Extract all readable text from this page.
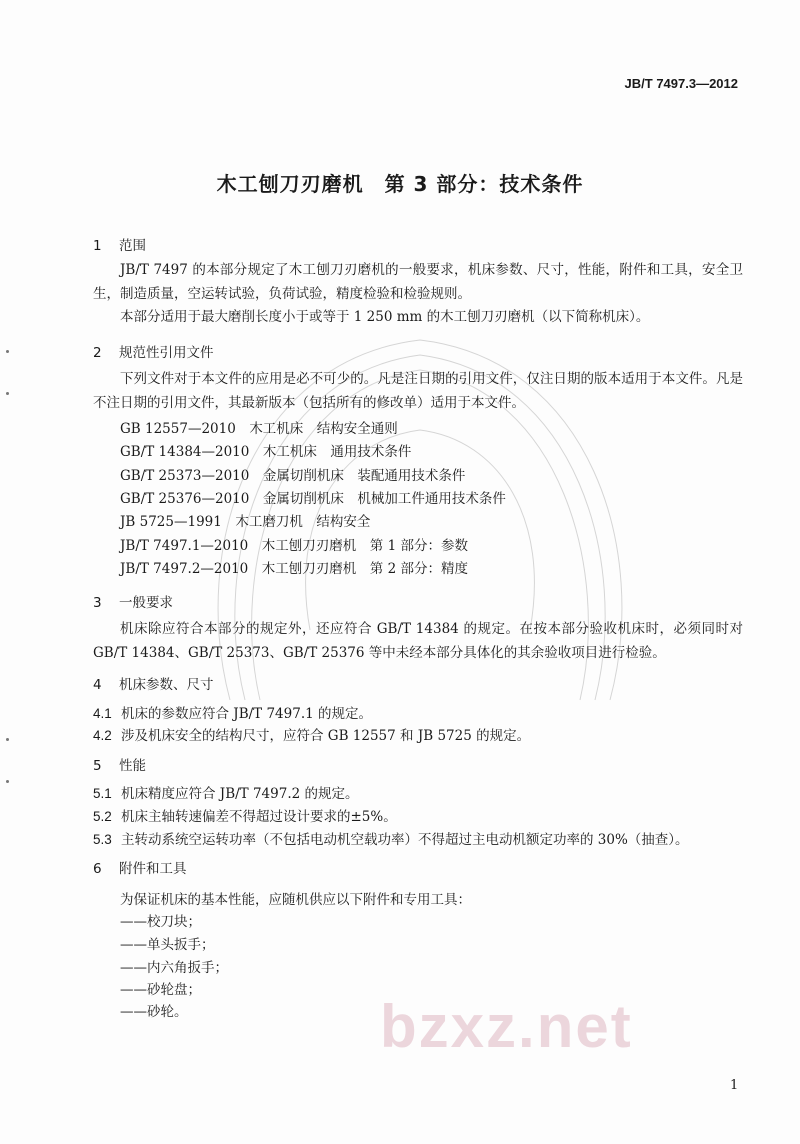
JB/T 7497.3—2012
木工刨刀刃磨机　第 3 部分：技术条件
1 范围
JB/T 7497 的本部分规定了木工刨刀刃磨机的一般要求，机床参数、尺寸，性能，附件和工具，安全卫生，制造质量，空运转试验，负荷试验，精度检验和检验规则。
本部分适用于最大磨削长度小于或等于 1 250 mm 的木工刨刀刃磨机（以下简称机床）。
2 规范性引用文件
下列文件对于本文件的应用是必不可少的。凡是注日期的引用文件，仅注日期的版本适用于本文件。凡是不注日期的引用文件，其最新版本（包括所有的修改单）适用于本文件。
GB 12557—2010　 木工机床　结构安全通则
GB/T 14384—2010　 木工机床　通用技术条件
GB/T 25373—2010　 金属切削机床　装配通用技术条件
GB/T 25376—2010　 金属切削机床　机械加工件通用技术条件
JB 5725—1991　 木工磨刀机　结构安全
JB/T 7497.1—2010　 木工刨刀刃磨机　第 1 部分：参数
JB/T 7497.2—2010　 木工刨刀刃磨机　第 2 部分：精度
3 一般要求
机床除应符合本部分的规定外，还应符合 GB/T 14384 的规定。在按本部分验收机床时，必须同时对 GB/T 14384、GB/T 25373、GB/T 25376 等中未经本部分具体化的其余验收项目进行检验。
4 机床参数、尺寸
4.1 机床的参数应符合 JB/T 7497.1 的规定。
4.2 涉及机床安全的结构尺寸，应符合 GB 12557 和 JB 5725 的规定。
5 性能
5.1 机床精度应符合 JB/T 7497.2 的规定。
5.2 机床主轴转速偏差不得超过设计要求的±5%。
5.3 主转动系统空运转功率（不包括电动机空载功率）不得超过主电动机额定功率的 30%（抽查）。
6 附件和工具
为保证机床的基本性能，应随机供应以下附件和专用工具：
——校刀块；
——单头扳手；
——内六角扳手；
——砂轮盘；
——砂轮。	bzxz.net
1
